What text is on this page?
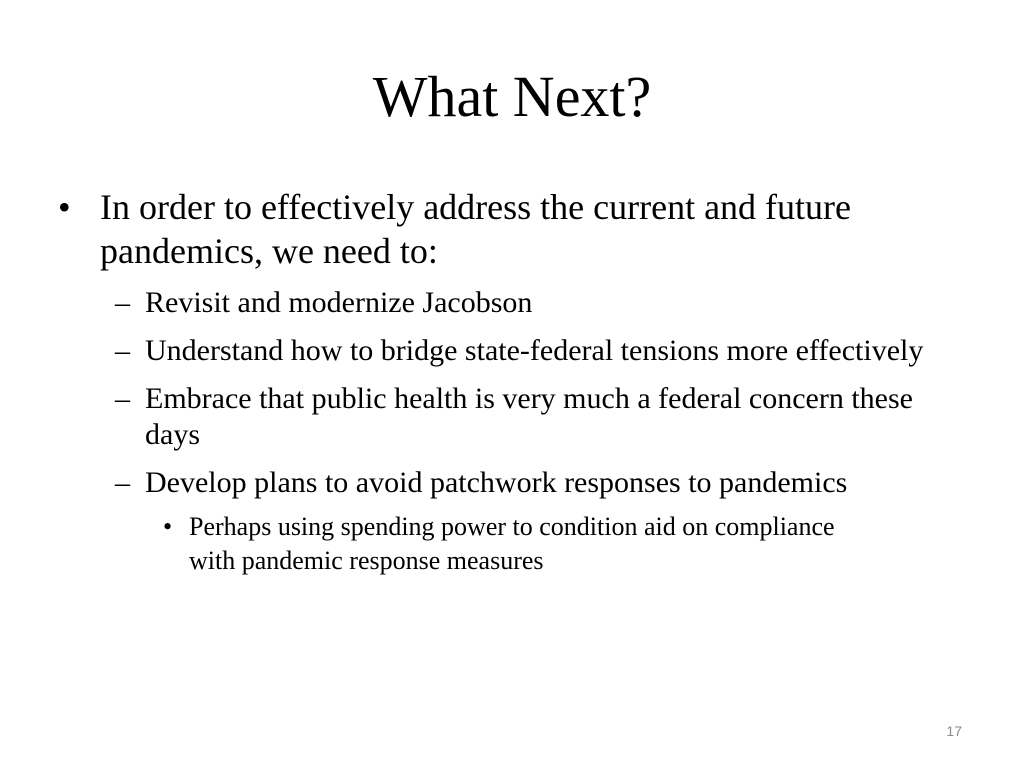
What Next?
• In order to effectively address the current and future pandemics, we need to:
– Revisit and modernize Jacobson
– Understand how to bridge state-federal tensions more effectively
– Embrace that public health is very much a federal concern these days
– Develop plans to avoid patchwork responses to pandemics
• Perhaps using spending power to condition aid on compliance with pandemic response measures
17
